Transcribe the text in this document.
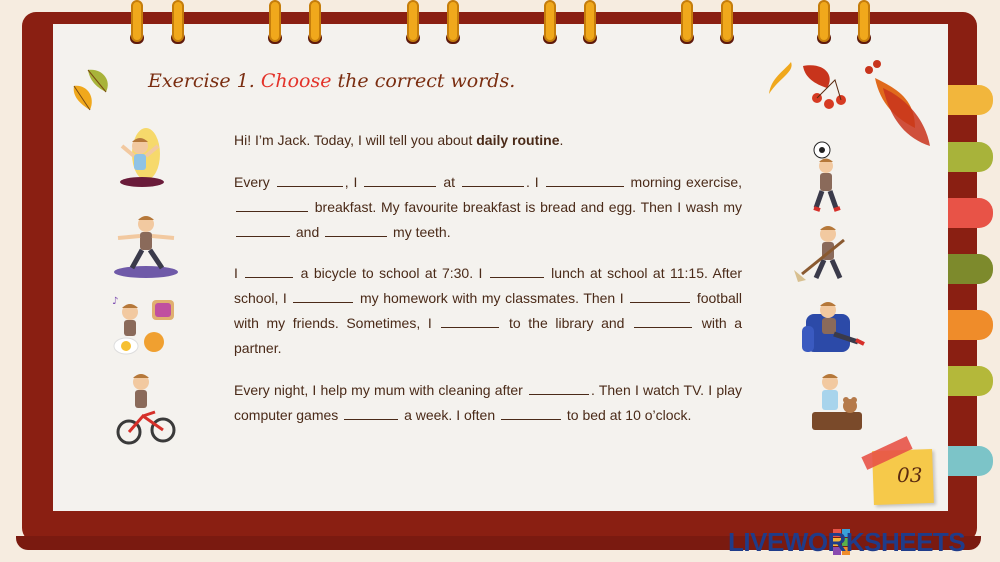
Exercise 1. Choose the correct words.
Hi! I’m Jack. Today, I will tell you about daily routine.
Every	, I	at	. I	morning exercise,  breakfast. My favourite breakfast is bread and egg. Then I wash my  and	my teeth.
I	a bicycle to school at 7:30. I	lunch at school at 11:15. After school, I	my homework with my classmates. Then I	football with my friends. Sometimes, I	to the library and	with a partner.
Every night, I help my mum with cleaning after	. Then I watch TV. I play computer games	a week. I often	to bed at 10 o’clock.
♪
03
LIVEWORKSHEETS
